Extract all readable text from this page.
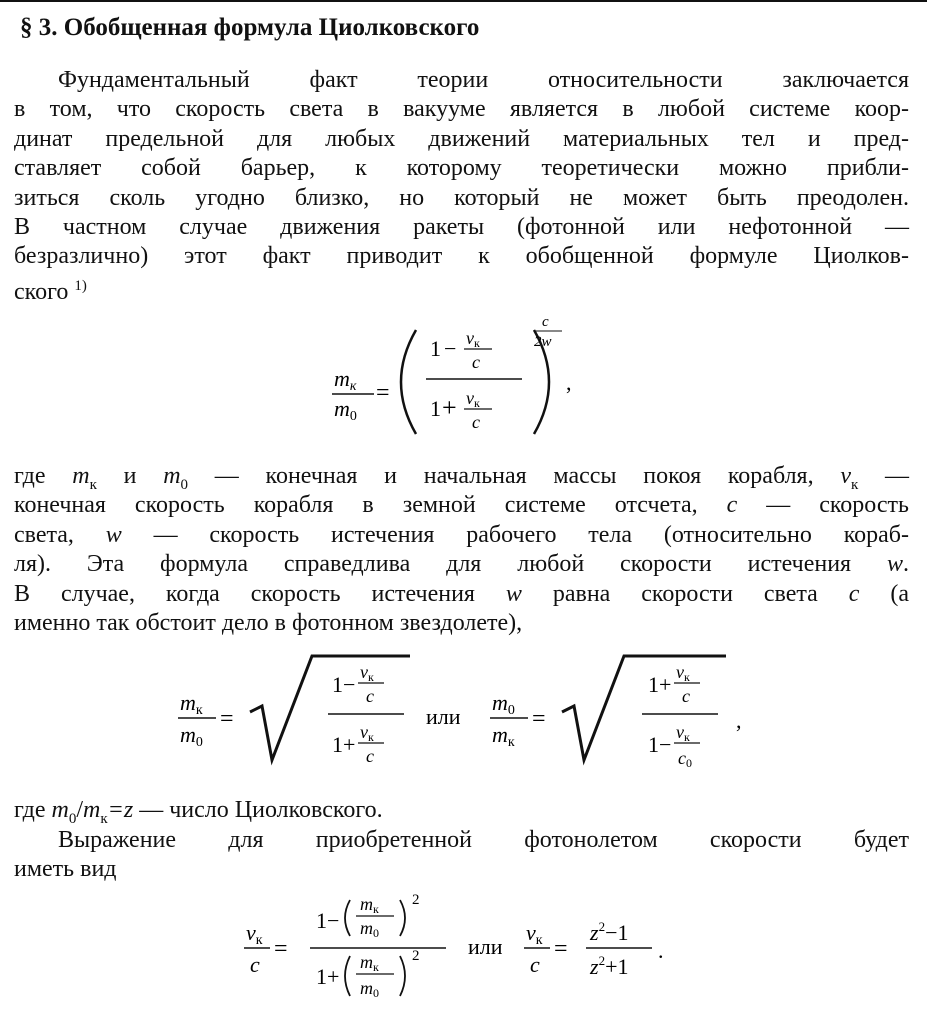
§ 3. Обобщенная формула Циолковского
Фундаментальный факт теории относительности заключается
в том, что скорость света в вакууме является в любой системе коор-
динат предельной для любых движений материальных тел и пред-
ставляет собой барьер, к которому теоретически можно прибли-
зиться сколь угодно близко, но который не может быть преодолен.
В частном случае движения ракеты (фотонной или нефотонной —
безразлично) этот факт приводит к обобщенной формуле Циолков-
ского $^{1)}$
mк
m0
=
1 − vк
c
1 + vк
c
c
2w
,
где $m_к$ и $m_0$ — конечная и начальная массы покоя корабля, $v_к$ —
конечная скорость корабля в земной системе отсчета, c — скорость
света, w — скорость истечения рабочего тела (относительно кораб-
ля). Эта формула справедлива для любой скорости истечения w.
В случае, когда скорость истечения w равна скорости света c (а
именно так обстоит дело в фотонном звездолете),
mк
m0
=
1− vк
c
1+ vк
c
или
m0
mк
=
1+ vк
c
1− vк
c0
,
где $m_0/m_к=z$ — число Циолковского.
Выражение для приобретенной фотонолетом скорости будет
иметь вид
vк
c
=
1−
mк
m0
2
1+
mк
m0
2 или
vк
c
=
$z^2-1$
$z^2+1$
.
